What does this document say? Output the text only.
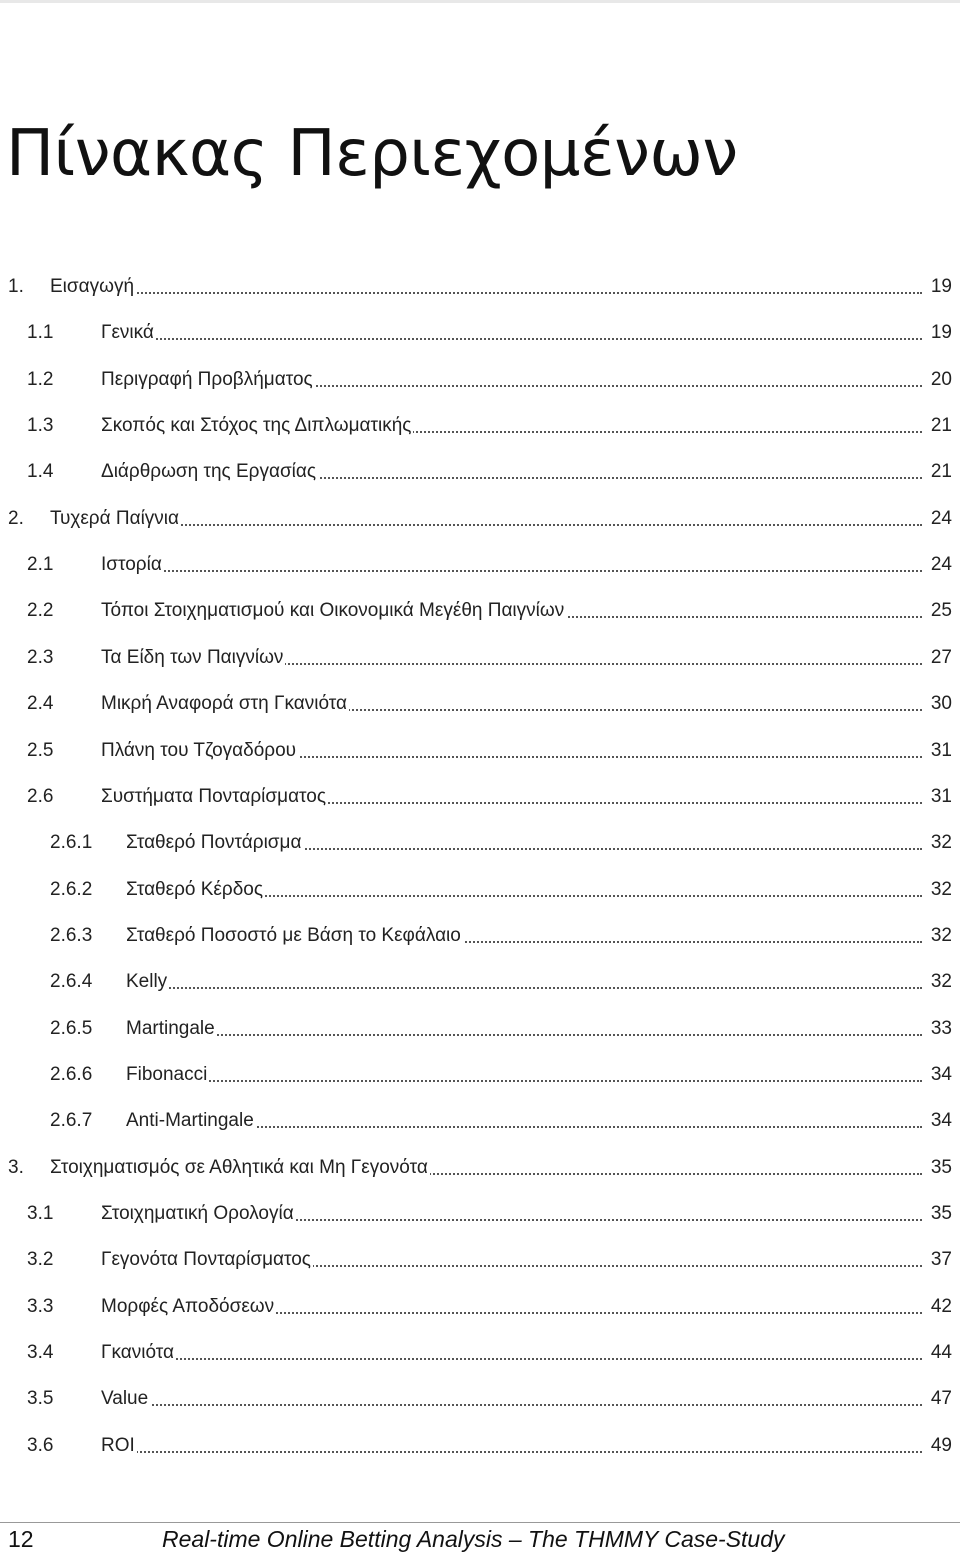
Πίνακας Περιεχομένων
1. Εισαγωγή	19
1.1	Γενικά	19
1.2	Περιγραφή Προβλήματος	20
1.3	Σκοπός και Στόχος της Διπλωματικής	21
1.4	Διάρθρωση της Εργασίας	21
2. Τυχερά Παίγνια	24
2.1	Ιστορία	24
2.2	Τόποι Στοιχηματισμού και Οικονομικά Μεγέθη Παιγνίων	25
2.3	Τα Είδη των Παιγνίων	27
2.4	Μικρή Αναφορά στη Γκανιότα	30
2.5	Πλάνη του Τζογαδόρου	31
2.6	Συστήματα Πονταρίσματος	31
2.6.1 Σταθερό Ποντάρισμα	32
2.6.2 Σταθερό Κέρδος	32
2.6.3 Σταθερό Ποσοστό με Βάση το Κεφάλαιο	32
2.6.4 Kelly	32
2.6.5 Martingale	33
2.6.6 Fibonacci	34
2.6.7 Anti-Martingale	34
3. Στοιχηματισμός σε Αθλητικά και Μη Γεγονότα	35
3.1	Στοιχηματική Ορολογία	35
3.2	Γεγονότα Πονταρίσματος	37
3.3	Μορφές Αποδόσεων	42
3.4	Γκανιότα	44
3.5	Value	47
3.6	ROI	49
12	Real-time Online Betting Analysis – The THMMY Case-Study
